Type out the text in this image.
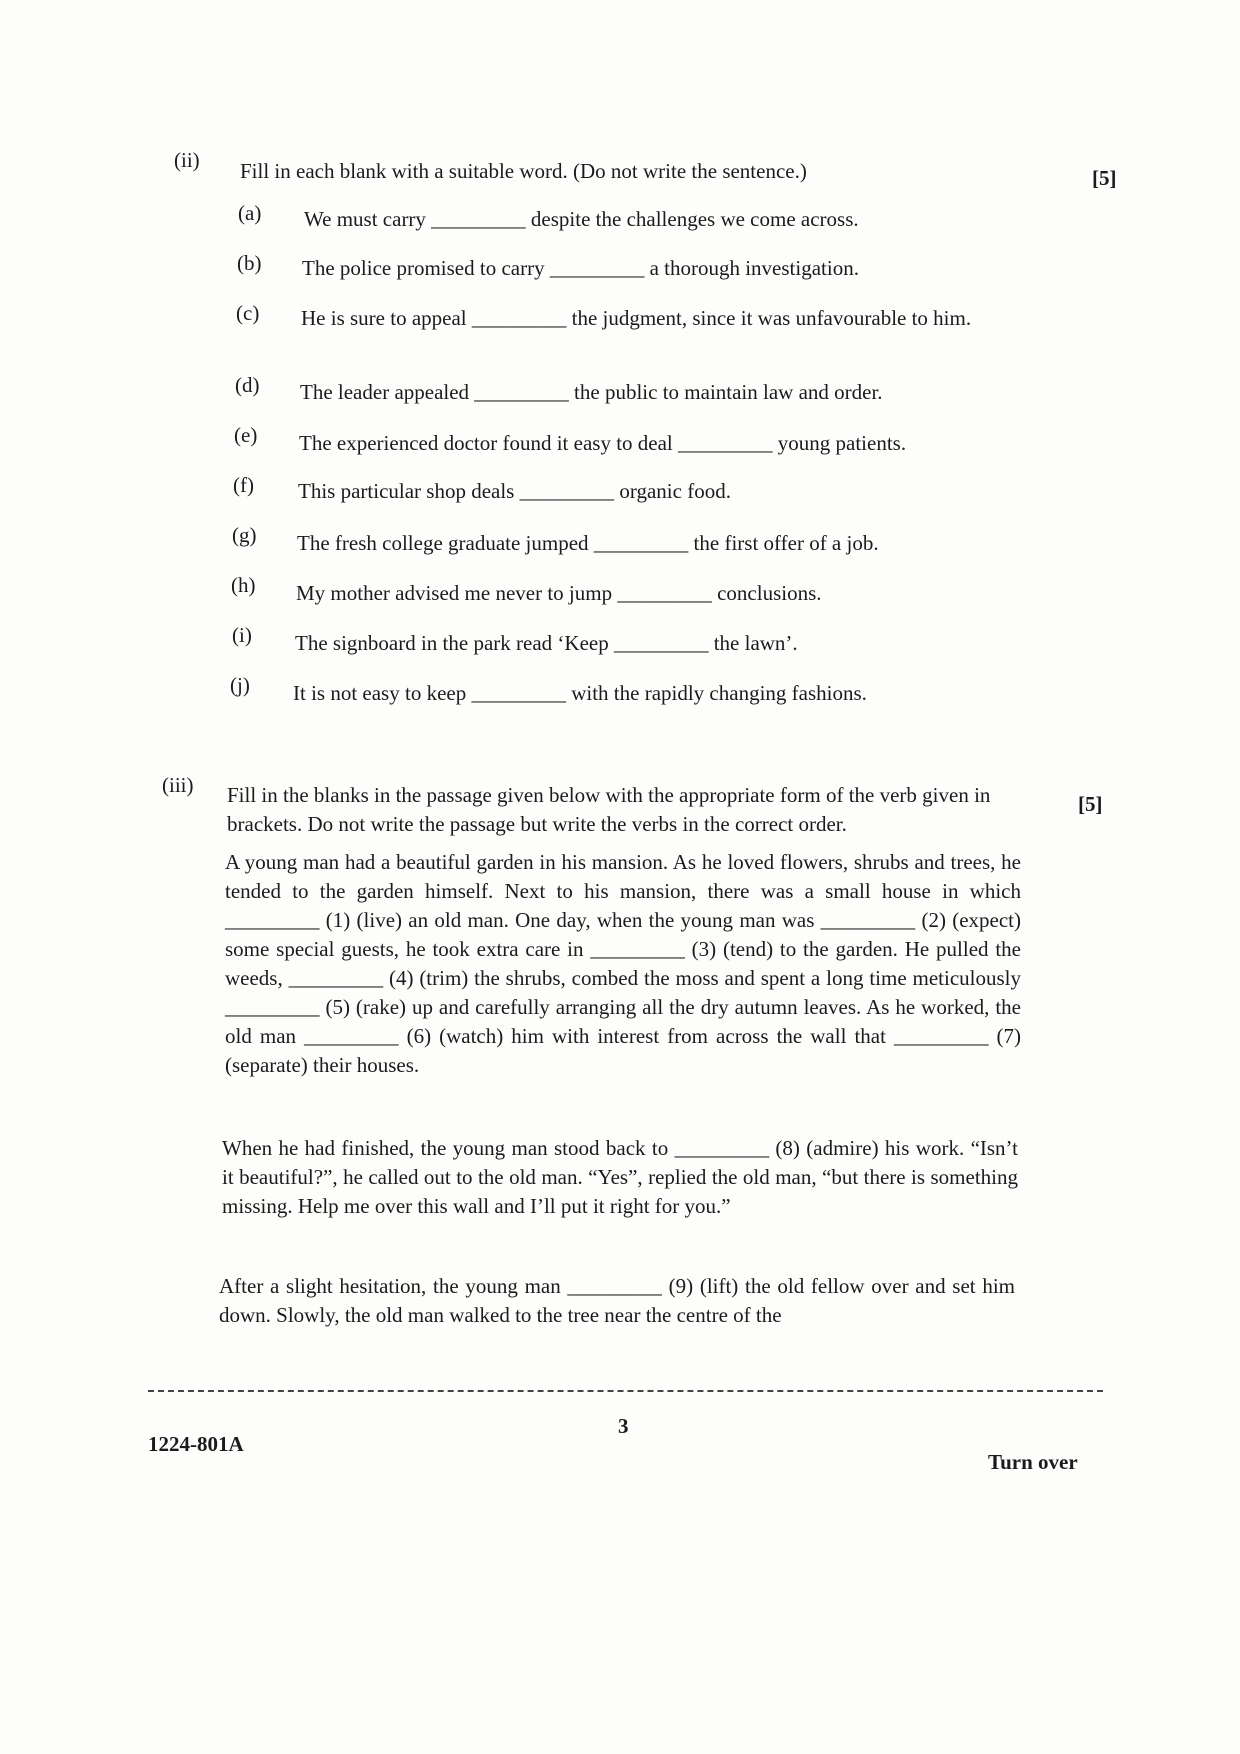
(ii) Fill in each blank with a suitable word. (Do not write the sentence.)	[5]
(a) We must carry _________ despite the challenges we come across.
(b) The police promised to carry _________ a thorough investigation.
(c) He is sure to appeal _________ the judgment, since it was unfavourable to him.
(d) The leader appealed _________ the public to maintain law and order.
(e) The experienced doctor found it easy to deal _________ young patients.
(f) This particular shop deals _________ organic food.
(g) The fresh college graduate jumped _________ the first offer of a job.
(h) My mother advised me never to jump _________ conclusions.
(i) The signboard in the park read ‘Keep _________ the lawn’.
(j) It is not easy to keep _________ with the rapidly changing fashions.
(iii) Fill in the blanks in the passage given below with the appropriate form of the verb given in brackets. Do not write the passage but write the verbs in the correct order.
[5]

A young man had a beautiful garden in his mansion. As he loved flowers, shrubs and trees, he tended to the garden himself. Next to his mansion, there was a small house in which _________ (1) (live) an old man. One day, when the young man was _________ (2) (expect) some special guests, he took extra care in _________ (3) (tend) to the garden. He pulled the weeds, _________ (4) (trim) the shrubs, combed the moss and spent a long time meticulously _________ (5) (rake) up and carefully arranging all the dry autumn leaves. As he worked, the old man _________ (6) (watch) him with interest from across the wall that _________ (7) (separate) their houses.

When he had finished, the young man stood back to _________ (8) (admire) his work. “Isn’t it beautiful?”, he called out to the old man. “Yes”, replied the old man, “but there is something missing. Help me over this wall and I’ll put it right for you.”

After a slight hesitation, the young man _________ (9) (lift) the old fellow over and set him down. Slowly, the old man walked to the tree near the centre of the

3
1224-801A
Turn over
